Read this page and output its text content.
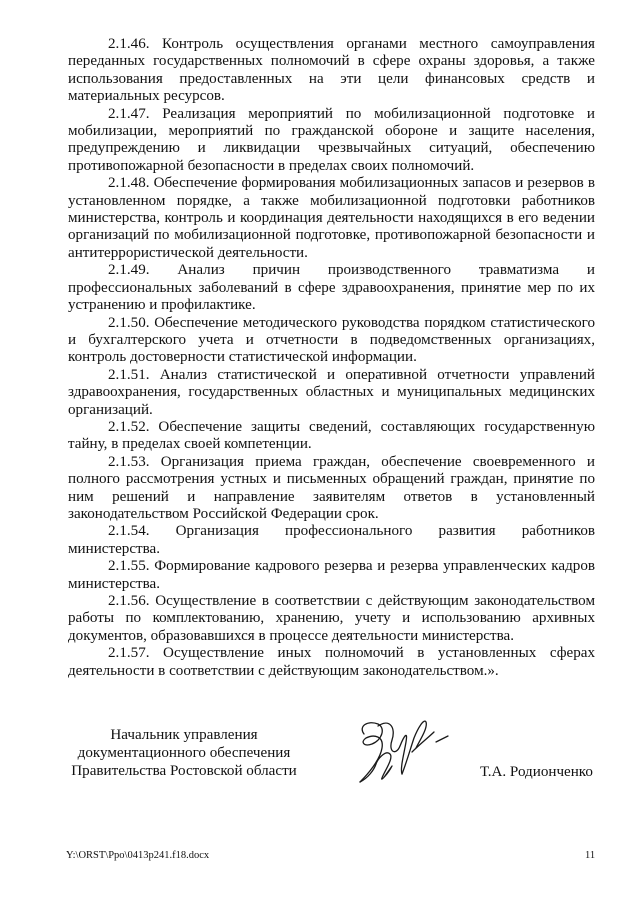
2.1.46. Контроль осуществления органами местного самоуправления переданных государственных полномочий в сфере охраны здоровья, а также использования предоставленных на эти цели финансовых средств и материальных ресурсов.

2.1.47. Реализация мероприятий по мобилизационной подготовке и мобилизации, мероприятий по гражданской обороне и защите населения, предупреждению и ликвидации чрезвычайных ситуаций, обеспечению противопожарной безопасности в пределах своих полномочий.

2.1.48. Обеспечение формирования мобилизационных запасов и резервов в установленном порядке, а также мобилизационной подготовки работников министерства, контроль и координация деятельности находящихся в его ведении организаций по мобилизационной подготовке, противопожарной безопасности и антитеррористической деятельности.

2.1.49. Анализ причин производственного травматизма и профессиональных заболеваний в сфере здравоохранения, принятие мер по их устранению и профилактике.

2.1.50. Обеспечение методического руководства порядком статистического и бухгалтерского учета и отчетности в подведомственных организациях, контроль достоверности статистической информации.

2.1.51. Анализ статистической и оперативной отчетности управлений здравоохранения, государственных областных и муниципальных медицинских организаций.

2.1.52. Обеспечение защиты сведений, составляющих государственную тайну, в пределах своей компетенции.

2.1.53. Организация приема граждан, обеспечение своевременного и полного рассмотрения устных и письменных обращений граждан, принятие по ним решений и направление заявителям ответов в установленный законодательством Российской Федерации срок.

2.1.54. Организация профессионального развития работников министерства.

2.1.55. Формирование кадрового резерва и резерва управленческих кадров министерства.

2.1.56. Осуществление в соответствии с действующим законодательством работы по комплектованию, хранению, учету и использованию архивных документов, образовавшихся в процессе деятельности министерства.

2.1.57. Осуществление иных полномочий в установленных сферах деятельности в соответствии с действующим законодательством.».

Начальник управления
документационного обеспечения
Правительства Ростовской области	Т.А. Родионченко
Y:\ORST\Ppo\0413p241.f18.docx	11
